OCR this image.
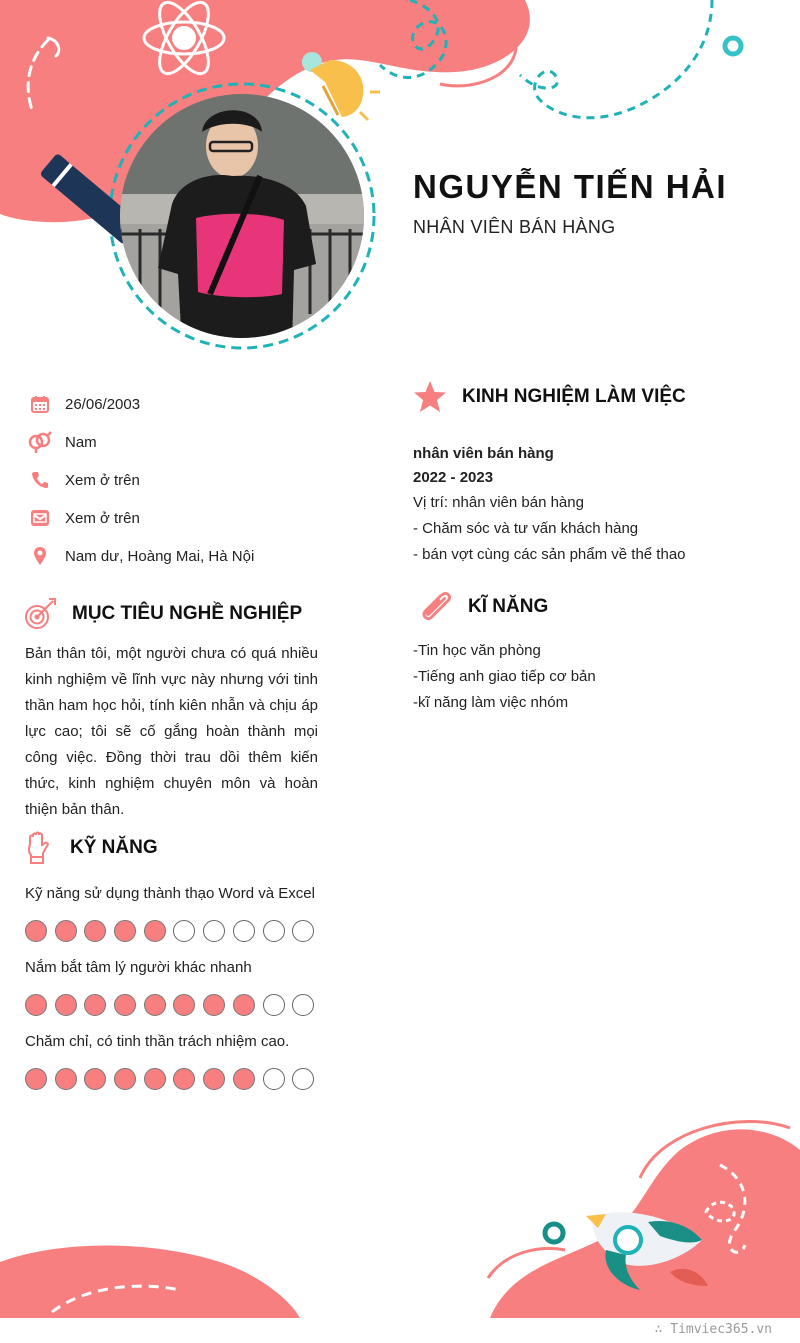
NGUYỄN TIẾN HẢI
NHÂN VIÊN BÁN HÀNG
26/06/2003
Nam
Xem ở trên
Xem ở trên
Nam dư, Hoàng Mai, Hà Nội
MỤC TIÊU NGHỀ NGHIỆP
Bản thân tôi, một người chưa có quá nhiều kinh nghiệm về lĩnh vực này nhưng với tinh thần ham học hỏi, tính kiên nhẫn và chịu áp lực cao; tôi sẽ cố gắng hoàn thành mọi công việc. Đồng thời trau dồi thêm kiến thức, kinh nghiệm chuyên môn và hoàn thiện bản thân.
KỸ NĂNG
Kỹ năng sử dụng thành thạo Word và Excel
Nắm bắt tâm lý người khác nhanh
Chăm chỉ, có tinh thần trách nhiệm cao.
KINH NGHIỆM LÀM VIỆC
nhân viên bán hàng
2022 - 2023
Vị trí: nhân viên bán hàng
- Chăm sóc và tư vấn khách hàng
- bán vợt cùng các sản phẩm về thể thao
KĨ NĂNG
-Tin học văn phòng
-Tiếng anh giao tiếp cơ bản
-kĩ năng làm việc nhóm
∴ Timviec365.vn
